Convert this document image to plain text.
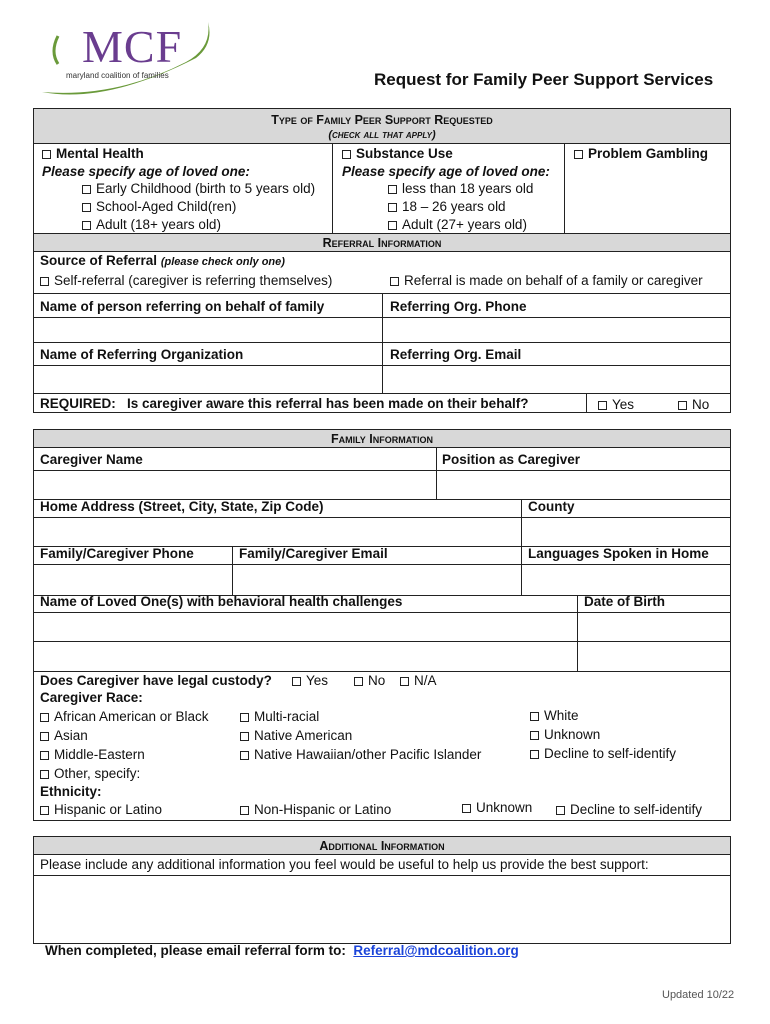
MCF
maryland coalition of families	Request for Family Peer Support Services
Type of Family Peer Support Requested
(check all that apply)
Mental Health
Please specify age of loved one:
Early Childhood (birth to 5 years old)
School-Aged Child(ren)
Adult (18+ years old)
Substance Use
Please specify age of loved one:
less than 18 years old
18 – 26 years old
Adult (27+ years old)
Problem Gambling
Referral Information
Source of Referral (please check only one)
Self-referral (caregiver is referring themselves)	Referral is made on behalf of a family or caregiver
Name of person referring on behalf of family	Referring Org. Phone
Name of Referring Organization	Referring Org. Email
REQUIRED: Is caregiver aware this referral has been made on their behalf?	Yes	No
Family Information
Caregiver Name	Position as Caregiver
Home Address (Street, City, State, Zip Code)	County
Family/Caregiver Phone	Family/Caregiver Email	Languages Spoken in Home
Name of Loved One(s) with behavioral health challenges	Date of Birth
Does Caregiver have legal custody?	Yes	No	N/A
Caregiver Race:
African American or Black
Asian
Middle-Eastern
Other, specify:
Multi-racial
Native American
Native Hawaiian/other Pacific Islander
White
Unknown
Decline to self-identify
Ethnicity:
Hispanic or Latino	Non-Hispanic or Latino	Unknown	Decline to self-identify
Additional Information
Please include any additional information you feel would be useful to help us provide the best support:
When completed, please email referral form to: Referral@mdcoalition.org
Updated 10/22
